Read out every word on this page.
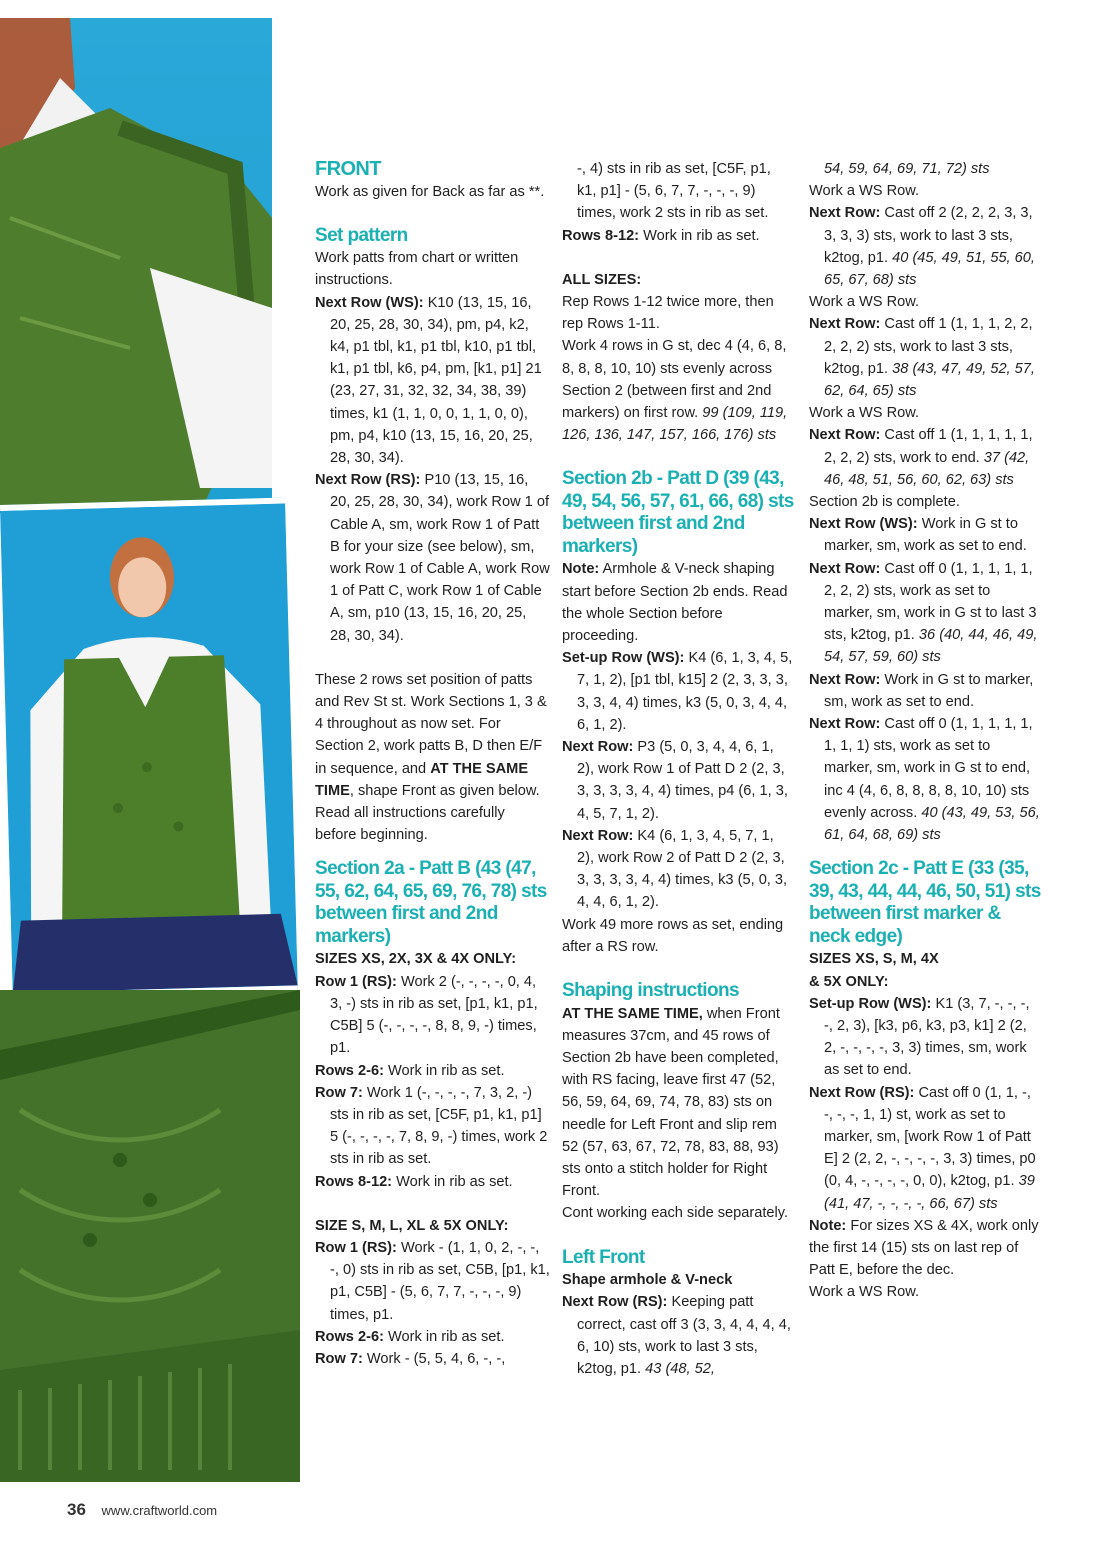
FRONT

Work as given for Back as far as **.

Set pattern

Work patts from chart or written instructions.

Next Row (WS): K10 (13, 15, 16, 20, 25, 28, 30, 34), pm, p4, k2, k4, p1 tbl, k1, p1 tbl, k10, p1 tbl, k1, p1 tbl, k6, p4, pm, [k1, p1] 21 (23, 27, 31, 32, 32, 34, 38, 39) times, k1 (1, 1, 0, 0, 1, 1, 0, 0), pm, p4, k10 (13, 15, 16, 20, 25, 28, 30, 34).

Next Row (RS): P10 (13, 15, 16, 20, 25, 28, 30, 34), work Row 1 of Cable A, sm, work Row 1 of Patt B for your size (see below), sm, work Row 1 of Cable A, work Row 1 of Patt C, work Row 1 of Cable A, sm, p10 (13, 15, 16, 20, 25, 28, 30, 34).

These 2 rows set position of patts and Rev St st. Work Sections 1, 3 & 4 throughout as now set. For Section 2, work patts B, D then E/F in sequence, and AT THE SAME TIME, shape Front as given below. Read all instructions carefully before beginning.

Section 2a - Patt B (43 (47, 55, 62, 64, 65, 69, 76, 78) sts between first and 2nd markers)

SIZES XS, 2X, 3X & 4X ONLY:

Row 1 (RS): Work 2 (-, -, -, -, 0, 4, 3, -) sts in rib as set, [p1, k1, p1, C5B] 5 (-, -, -, -, 8, 8, 9, -) times, p1.

Rows 2-6: Work in rib as set.

Row 7: Work 1 (-, -, -, -, 7, 3, 2, -) sts in rib as set, [C5F, p1, k1, p1] 5 (-, -, -, -, 7, 8, 9, -) times, work 2 sts in rib as set.

Rows 8-12: Work in rib as set.

SIZE S, M, L, XL & 5X ONLY:

Row 1 (RS): Work - (1, 1, 0, 2, -, -, -, 0) sts in rib as set, C5B, [p1, k1, p1, C5B] - (5, 6, 7, 7, -, -, -, 9) times, p1.

Rows 2-6: Work in rib as set.

Row 7: Work - (5, 5, 4, 6, -, -,

-, 4) sts in rib as set, [C5F, p1, k1, p1] - (5, 6, 7, 7, -, -, -, 9) times, work 2 sts in rib as set.

Rows 8-12: Work in rib as set.

ALL SIZES:

Rep Rows 1-12 twice more, then rep Rows 1-11.

Work 4 rows in G st, dec 4 (4, 6, 8, 8, 8, 8, 10, 10) sts evenly across Section 2 (between first and 2nd markers) on first row. 99 (109, 119, 126, 136, 147, 157, 166, 176) sts

Section 2b - Patt D (39 (43, 49, 54, 56, 57, 61, 66, 68) sts between first and 2nd markers)

Note: Armhole & V-neck shaping start before Section 2b ends. Read the whole Section before proceeding.

Set-up Row (WS): K4 (6, 1, 3, 4, 5, 7, 1, 2), [p1 tbl, k15] 2 (2, 3, 3, 3, 3, 3, 4, 4) times, k3 (5, 0, 3, 4, 4, 6, 1, 2).

Next Row: P3 (5, 0, 3, 4, 4, 6, 1, 2), work Row 1 of Patt D 2 (2, 3, 3, 3, 3, 3, 4, 4) times, p4 (6, 1, 3, 4, 5, 7, 1, 2).

Next Row: K4 (6, 1, 3, 4, 5, 7, 1, 2), work Row 2 of Patt D 2 (2, 3, 3, 3, 3, 3, 4, 4) times, k3 (5, 0, 3, 4, 4, 6, 1, 2).

Work 49 more rows as set, ending after a RS row.

Shaping instructions

AT THE SAME TIME, when Front measures 37cm, and 45 rows of Section 2b have been completed, with RS facing, leave first 47 (52, 56, 59, 64, 69, 74, 78, 83) sts on needle for Left Front and slip rem 52 (57, 63, 67, 72, 78, 83, 88, 93) sts onto a stitch holder for Right Front.

Cont working each side separately.

Left Front

Shape armhole & V-neck

Next Row (RS): Keeping patt correct, cast off 3 (3, 3, 4, 4, 4, 4, 6, 10) sts, work to last 3 sts, k2tog, p1. 43 (48, 52,

54, 59, 64, 69, 71, 72) sts

Work a WS Row.

Next Row: Cast off 2 (2, 2, 2, 3, 3, 3, 3, 3) sts, work to last 3 sts, k2tog, p1. 40 (45, 49, 51, 55, 60, 65, 67, 68) sts

Work a WS Row.

Next Row: Cast off 1 (1, 1, 1, 2, 2, 2, 2, 2) sts, work to last 3 sts, k2tog, p1. 38 (43, 47, 49, 52, 57, 62, 64, 65) sts

Work a WS Row.

Next Row: Cast off 1 (1, 1, 1, 1, 1, 2, 2, 2) sts, work to end. 37 (42, 46, 48, 51, 56, 60, 62, 63) sts

Section 2b is complete.

Next Row (WS): Work in G st to marker, sm, work as set to end.

Next Row: Cast off 0 (1, 1, 1, 1, 1, 2, 2, 2) sts, work as set to marker, sm, work in G st to last 3 sts, k2tog, p1. 36 (40, 44, 46, 49, 54, 57, 59, 60) sts

Next Row: Work in G st to marker, sm, work as set to end.

Next Row: Cast off 0 (1, 1, 1, 1, 1, 1, 1, 1) sts, work as set to marker, sm, work in G st to end, inc 4 (4, 6, 8, 8, 8, 8, 10, 10) sts evenly across. 40 (43, 49, 53, 56, 61, 64, 68, 69) sts

Section 2c - Patt E (33 (35, 39, 43, 44, 44, 46, 50, 51) sts between first marker & neck edge)

SIZES XS, S, M, 4X

& 5X ONLY:

Set-up Row (WS): K1 (3, 7, -, -, -, -, 2, 3), [k3, p6, k3, p3, k1] 2 (2, 2, -, -, -, -, 3, 3) times, sm, work as set to end.

Next Row (RS): Cast off 0 (1, 1, -, -, -, -, 1, 1) st, work as set to marker, sm, [work Row 1 of Patt E] 2 (2, 2, -, -, -, -, 3, 3) times, p0 (0, 4, -, -, -, -, 0, 0), k2tog, p1. 39 (41, 47, -, -, -, -, 66, 67) sts

Note: For sizes XS & 4X, work only the first 14 (15) sts on last rep of Patt E, before the dec.

Work a WS Row.

36 www.craftworld.com
